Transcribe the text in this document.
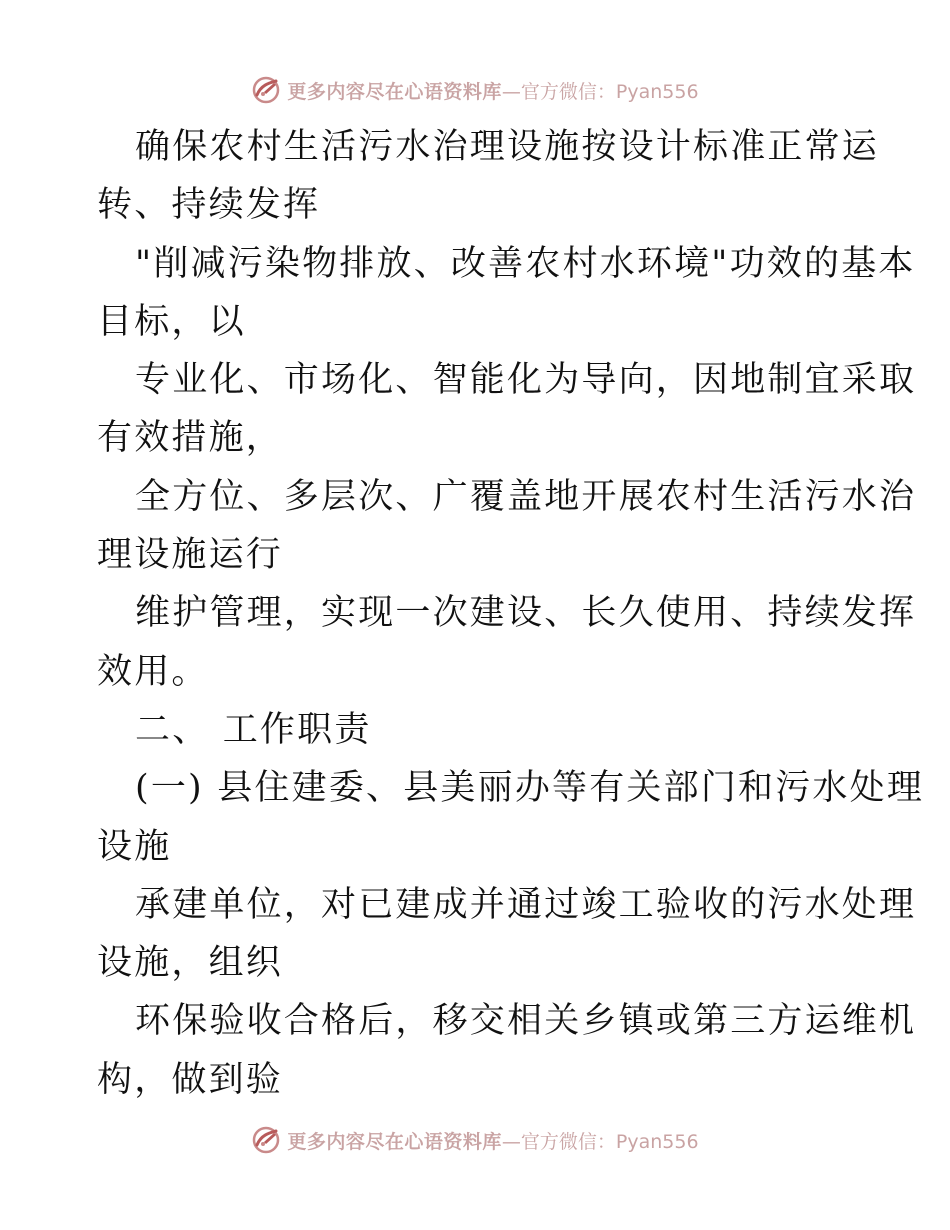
更多内容尽在心语资料库 —官方微信：Pyan556
确保农村生活污水治理设施按设计标准正常运
转、持续发挥
"削减污染物排放、改善农村水环境"功效的基本
目标，以
专业化、市场化、智能化为导向，因地制宜采取
有效措施，
全方位、多层次、广覆盖地开展农村生活污水治
理设施运行
维护管理，实现一次建设、长久使用、持续发挥
效用。
二、 工作职责
(一) 县住建委、县美丽办等有关部门和污水处理
设施
承建单位，对已建成并通过竣工验收的污水处理
设施，组织
环保验收合格后，移交相关乡镇或第三方运维机
构，做到验
更多内容尽在心语资料库 —官方微信：Pyan556
